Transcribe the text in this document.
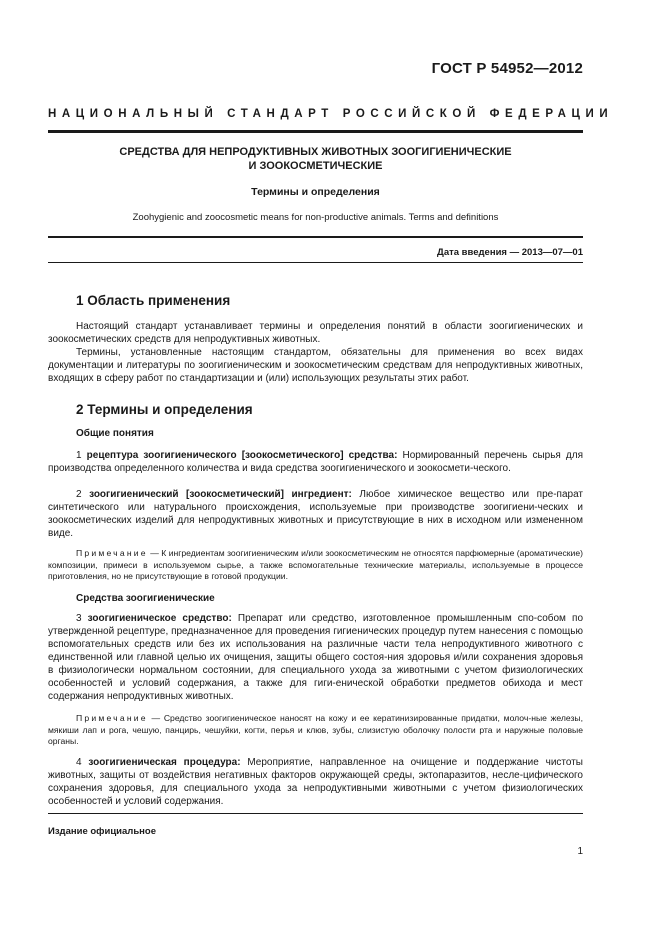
ГОСТ Р 54952—2012
НАЦИОНАЛЬНЫЙ СТАНДАРТ РОССИЙСКОЙ ФЕДЕРАЦИИ
СРЕДСТВА ДЛЯ НЕПРОДУКТИВНЫХ ЖИВОТНЫХ ЗООГИГИЕНИЧЕСКИЕ
И ЗООКОСМЕТИЧЕСКИЕ
Термины и определения
Zoohygienic and zoocosmetic means for non-productive animals. Terms and definitions
Дата введения — 2013—07—01
1 Область применения

Настоящий стандарт устанавливает термины и определения понятий в области зоогигиенических и зоокосметических средств для непродуктивных животных.

Термины, установленные настоящим стандартом, обязательны для применения во всех видах документации и литературы по зоогигиеническим и зоокосметическим средствам для непродуктивных животных, входящих в сферу работ по стандартизации и (или) использующих результаты этих работ.

2 Термины и определения
Общие понятия

1 рецептура зоогигиенического [зоокосметического] средства: Нормированный перечень сырья для производства определенного количества и вида средства зоогигиенического и зоокосмети-ческого.

2 зоогигиенический [зоокосметический] ингредиент: Любое химическое вещество или пре-парат синтетического или натурального происхождения, используемые при производстве зоогигиени-ческих и зоокосметических изделий для непродуктивных животных и присутствующие в них в исходном или измененном виде.

Примечание — К ингредиентам зоогигиеническим и/или зоокосметическим не относятся парфюмерные (ароматические) композиции, примеси в используемом сырье, а также вспомогательные технические материалы, используемые в процессе приготовления, но не присутствующие в готовой продукции.

Средства зоогигиенические

3 зоогигиеническое средство: Препарат или средство, изготовленное промышленным спо-собом по утвержденной рецептуре, предназначенное для проведения гигиенических процедур путем нанесения с помощью вспомогательных средств или без их использования на различные части тела непродуктивного животного с единственной или главной целью их очищения, защиты общего состоя-ния здоровья и/или сохранения здоровья в физиологически нормальном состоянии, для специального ухода за животными с учетом физиологических особенностей и условий содержания, а также для гиги-енической обработки предметов обихода и мест содержания непродуктивных животных.

Примечание — Средство зоогигиеническое наносят на кожу и ее кератинизированные придатки, молоч-ные железы, мякиши лап и рога, чешую, панцирь, чешуйки, когти, перья и клюв, зубы, слизистую оболочку полости рта и наружные половые органы.

4 зоогигиеническая процедура: Мероприятие, направленное на очищение и поддержание чистоты животных, защиты от воздействия негативных факторов окружающей среды, эктопаразитов, несле-цифического сохранения здоровья, для специального ухода за непродуктивными животными с учетом физиологических особенностей и условий содержания.

Издание официальное
1
